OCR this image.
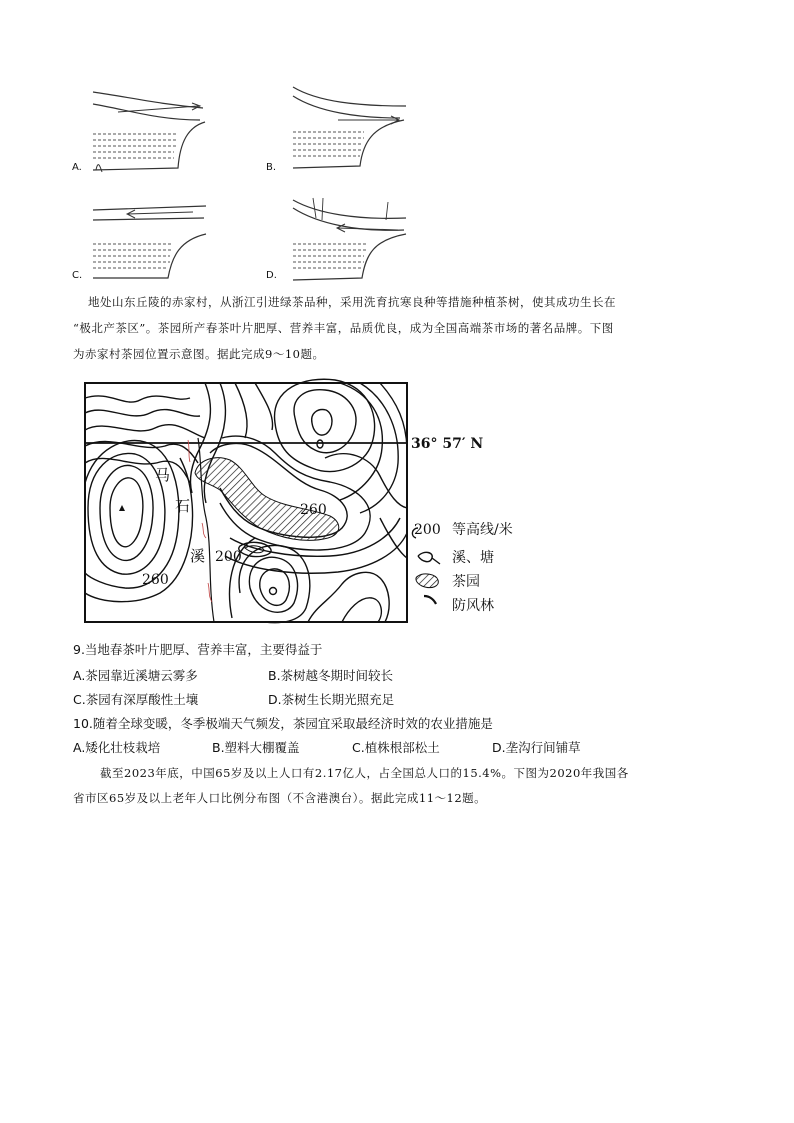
A.	B.
C.	D.
地处山东丘陵的赤家村，从浙江引进绿茶品种，采用洗育抗寒良种等措施种植茶树，使其成功生长在
“极北产茶区”。茶园所产春茶叶片肥厚、营养丰富，品质优良，成为全国高端茶市场的著名品牌。下图
为赤家村茶园位置示意图。据此完成9～10题。
马
石
溪
260
200
260
36° 57′ N
200 等高线/米
溪、塘
茶园
防风林
9.当地春茶叶片肥厚、营养丰富，主要得益于
A.茶园靠近溪塘云雾多	B.茶树越冬期时间较长
C.茶园有深厚酸性土壤	D.茶树生长期光照充足
10.随着全球变暖，冬季极端天气频发，茶园宜采取最经济时效的农业措施是
A.矮化壮枝栽培	B.塑料大棚覆盖	C.植株根部松土	D.垄沟行间铺草
截至2023年底，中国65岁及以上人口有2.17亿人，占全国总人口的15.4%。下图为2020年我国各
省市区65岁及以上老年人口比例分布图（不含港澳台）。据此完成11～12题。
